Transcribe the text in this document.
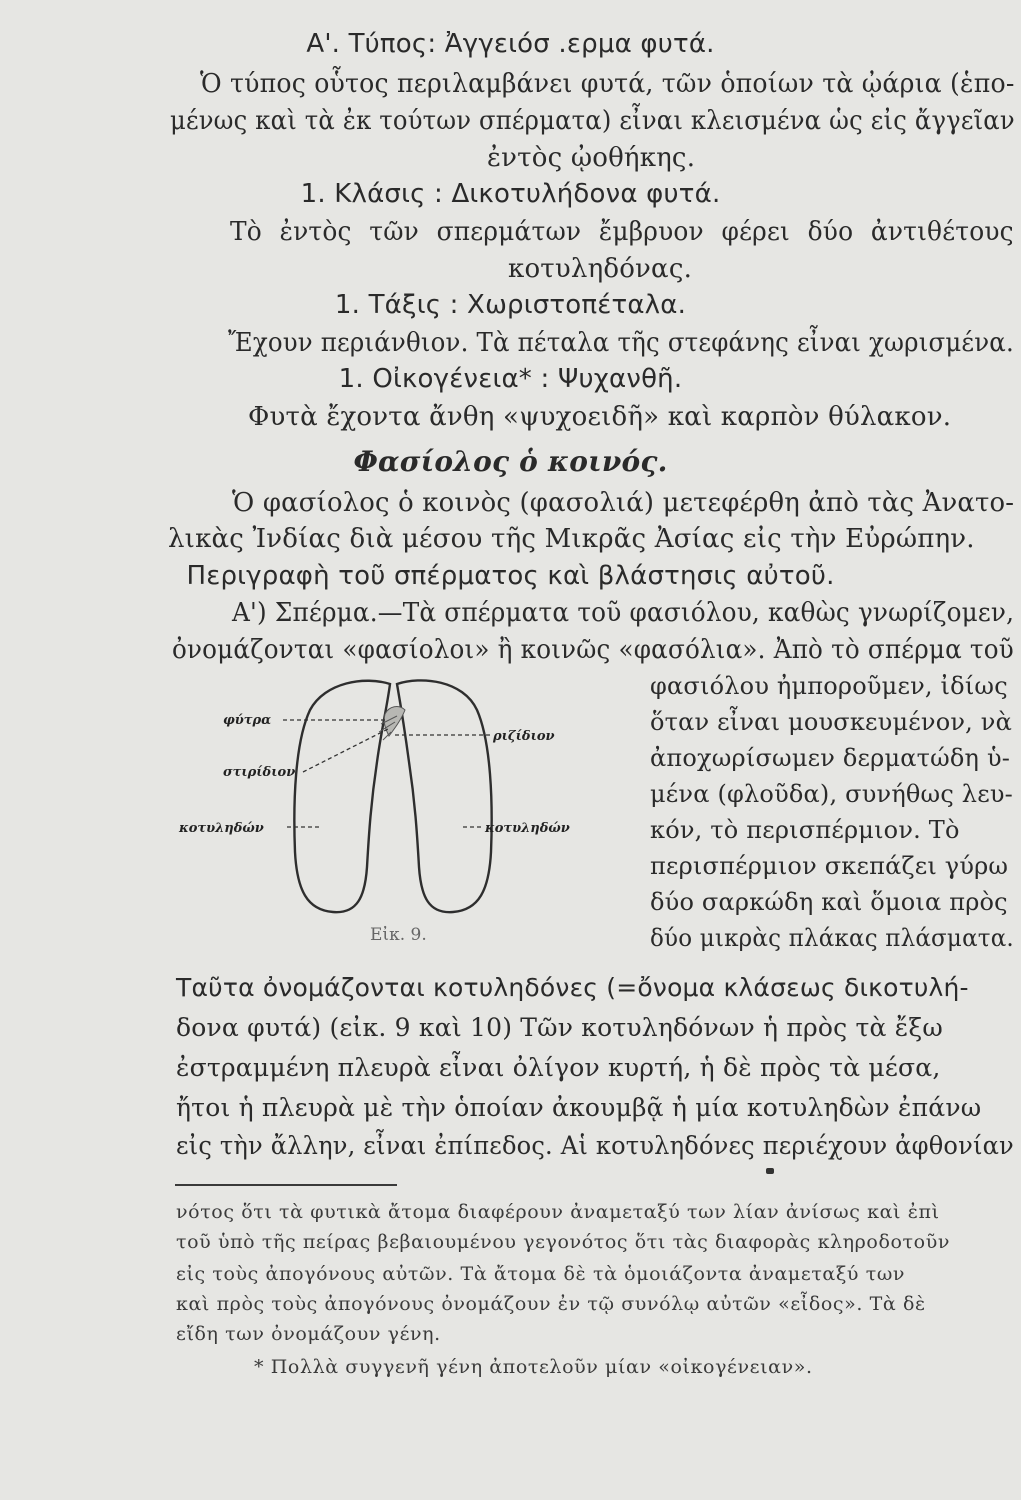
Α'. Τύπος: Ἀγγειόσ .ερμα φυτά.
Ὁ τύπος οὗτος περιλαμβάνει φυτά, τῶν ὁποίων τὰ ᾠάρια (ἑπο-
μένως καὶ τὰ ἐκ τούτων σπέρματα) εἶναι κλεισμένα ὡς εἰς ἄγγεῖαν
ἐντὸς ᾠοθήκης.
1. Κλάσις : Δικοτυλήδονα φυτά.
Τὸ ἐντὸς τῶν σπερμάτων ἔμβρυον φέρει δύο ἀντιθέτους
κοτυληδόνας.
1. Τάξις : Χωριστοπέταλα.
Ἔχουν περιάνθιον. Τὰ πέταλα τῆς στεφάνης εἶναι χωρισμένα.
1. Οἰκογένεια* : Ψυχανθῆ.
Φυτὰ ἔχοντα ἄνθη «ψυχοειδῆ» καὶ καρπὸν θύλακον.
Φασίολος ὁ κοινός.
Ὁ φασίολος ὁ κοινὸς (φασολιά) μετεφέρθη ἀπὸ τὰς Ἀνατο-
λικὰς Ἰνδίας διὰ μέσου τῆς Μικρᾶς Ἀσίας εἰς τὴν Εὐρώπην.
Περιγραφὴ τοῦ σπέρματος καὶ βλάστησις αὐτοῦ.
Α') Σπέρμα.—Τὰ σπέρματα τοῦ φασιόλου, καθὼς γνωρίζομεν,
ὀνομάζονται «φασίολοι» ἢ κοινῶς «φασόλια». Ἀπὸ τὸ σπέρμα τοῦ
φασιόλου ἠμποροῦμεν, ἰδίως
ὅταν εἶναι μουσκευμένον, νὰ
ἀποχωρίσωμεν δερματώδη ὑ-
μένα (φλοῦδα), συνήθως λευ-
κόν, τὸ περισπέρμιον. Τὸ
περισπέρμιον σκεπάζει γύρω
δύο σαρκώδη καὶ ὅμοια πρὸς
δύο μικρὰς πλάκας πλάσματα.
φύτρα
ριζίδιον
στιρίδιον
κοτυληδών	κοτυληδών
Εἰκ. 9.
Ταῦτα ὀνομάζονται κοτυληδόνες (=ὄνομα κλάσεως δικοτυλή-
δονα φυτά) (εἰκ. 9 καὶ 10) Τῶν κοτυληδόνων ἡ πρὸς τὰ ἔξω
ἐστραμμένη πλευρὰ εἶναι ὀλίγον κυρτή, ἡ δὲ πρὸς τὰ μέσα,
ἤτοι ἡ πλευρὰ μὲ τὴν ὁποίαν ἀκουμβᾷ ἡ μία κοτυληδὼν ἐπάνω
εἰς τὴν ἄλλην, εἶναι ἐπίπεδος. Αἱ κοτυληδόνες περιέχουν ἀφθονίαν
νότος ὅτι τὰ φυτικὰ ἄτομα διαφέρουν ἀναμεταξύ των λίαν ἀνίσως καὶ ἐπὶ
τοῦ ὑπὸ τῆς πείρας βεβαιουμένου γεγονότος ὅτι τὰς διαφορὰς κληροδοτοῦν
εἰς τοὺς ἀπογόνους αὐτῶν. Τὰ ἄτομα δὲ τὰ ὁμοιάζοντα ἀναμεταξύ των
καὶ πρὸς τοὺς ἀπογόνους ὀνομάζουν ἐν τῷ συνόλῳ αὐτῶν «εἶδος». Τὰ δὲ
εἴδη των ὀνομάζουν γένη.
* Πολλὰ συγγενῆ γένη ἀποτελοῦν μίαν «οἰκογένειαν».
